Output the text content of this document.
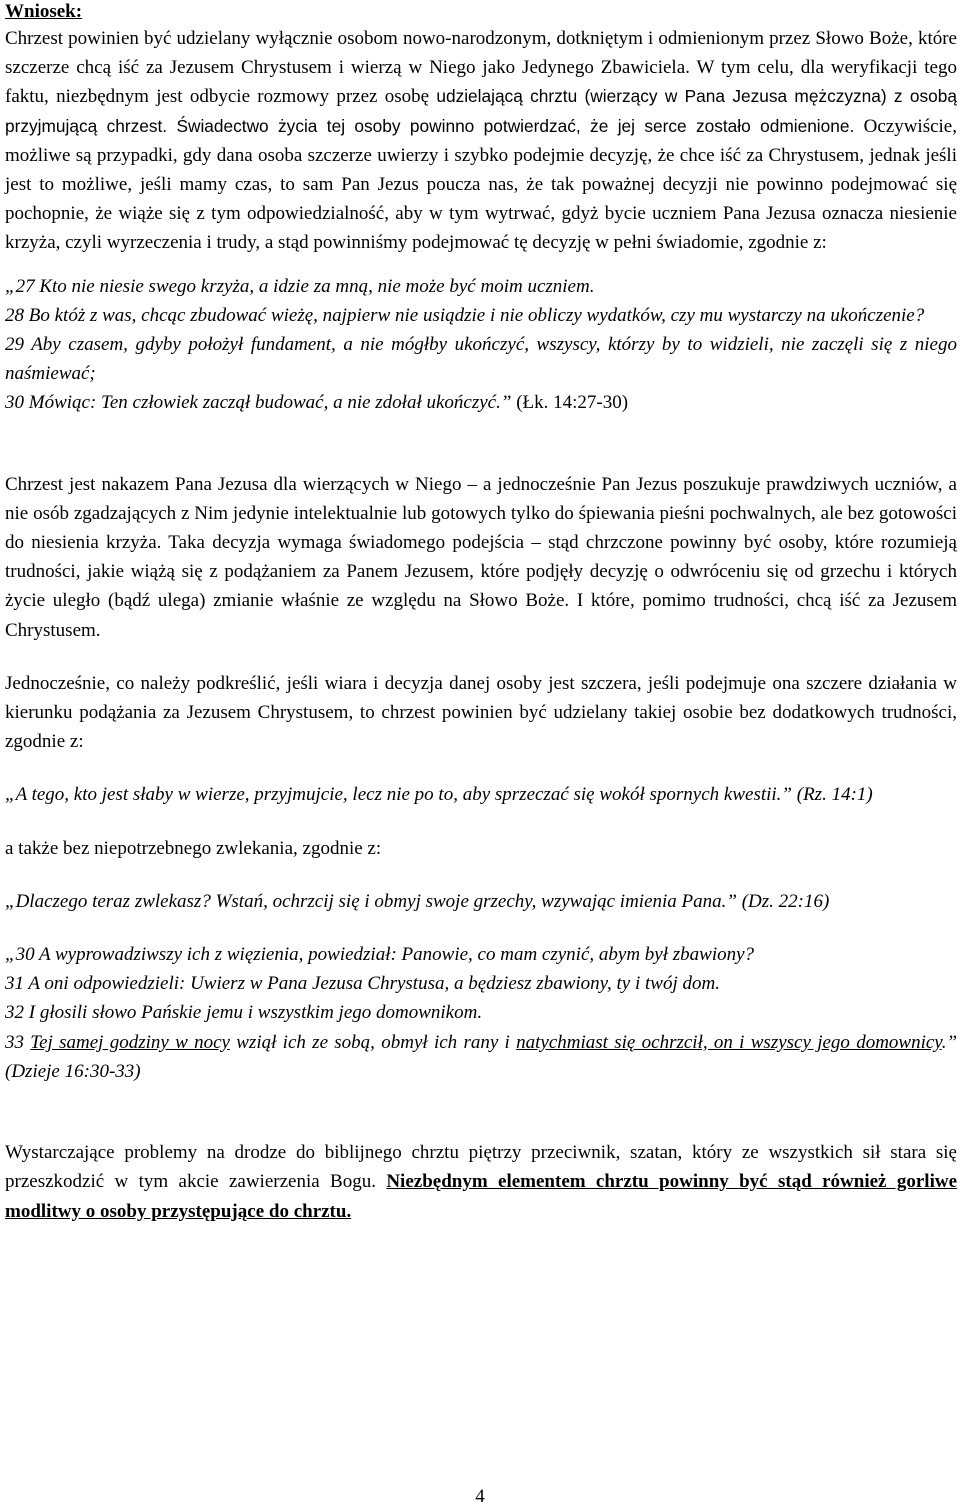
Wniosek:

Chrzest powinien być udzielany wyłącznie osobom nowo-narodzonym, dotkniętym i odmienionym przez Słowo Boże, które szczerze chcą iść za Jezusem Chrystusem i wierzą w Niego jako Jedynego Zbawiciela. W tym celu, dla weryfikacji tego faktu, niezbędnym jest odbycie rozmowy przez osobę udzielającą chrztu (wierzący w Pana Jezusa mężczyzna) z osobą przyjmującą chrzest. Świadectwo życia tej osoby powinno potwierdzać, że jej serce zostało odmienione. Oczywiście, możliwe są przypadki, gdy dana osoba szczerze uwierzy i szybko podejmie decyzję, że chce iść za Chrystusem, jednak jeśli jest to możliwe, jeśli mamy czas, to sam Pan Jezus poucza nas, że tak poważnej decyzji nie powinno podejmować się pochopnie, że wiąże się z tym odpowiedzialność, aby w tym wytrwać, gdyż bycie uczniem Pana Jezusa oznacza niesienie krzyża, czyli wyrzeczenia i trudy, a stąd powinniśmy podejmować tę decyzję w pełni świadomie, zgodnie z:

„27 Kto nie niesie swego krzyża, a idzie za mną, nie może być moim uczniem.

28 Bo któż z was, chcąc zbudować wieżę, najpierw nie usiądzie i nie obliczy wydatków, czy mu wystarczy na ukończenie?

29 Aby czasem, gdyby położył fundament, a nie mógłby ukończyć, wszyscy, którzy by to widzieli, nie zaczęli się z niego naśmiewać;

30 Mówiąc: Ten człowiek zaczął budować, a nie zdołał ukończyć.” (Łk. 14:27-30)

Chrzest jest nakazem Pana Jezusa dla wierzących w Niego – a jednocześnie Pan Jezus poszukuje prawdziwych uczniów, a nie osób zgadzających z Nim jedynie intelektualnie lub gotowych tylko do śpiewania pieśni pochwalnych, ale bez gotowości do niesienia krzyża. Taka decyzja wymaga świadomego podejścia – stąd chrzczone powinny być osoby, które rozumieją trudności, jakie wiążą się z podążaniem za Panem Jezusem, które podjęły decyzję o odwróceniu się od grzechu i których życie uległo (bądź ulega) zmianie właśnie ze względu na Słowo Boże. I które, pomimo trudności, chcą iść za Jezusem Chrystusem.

Jednocześnie, co należy podkreślić, jeśli wiara i decyzja danej osoby jest szczera, jeśli podejmuje ona szczere działania w kierunku podążania za Jezusem Chrystusem, to chrzest powinien być udzielany takiej osobie bez dodatkowych trudności, zgodnie z:

„A tego, kto jest słaby w wierze, przyjmujcie, lecz nie po to, aby sprzeczać się wokół spornych kwestii.” (Rz. 14:1)

a także bez niepotrzebnego zwlekania, zgodnie z:

„Dlaczego teraz zwlekasz? Wstań, ochrzcij się i obmyj swoje grzechy, wzywając imienia Pana.” (Dz. 22:16)

„30 A wyprowadziwszy ich z więzienia, powiedział: Panowie, co mam czynić, abym był zbawiony?
31 A oni odpowiedzieli: Uwierz w Pana Jezusa Chrystusa, a będziesz zbawiony, ty i twój dom.
32 I głosili słowo Pańskie jemu i wszystkim jego domownikom.

33 Tej samej godziny w nocy wziął ich ze sobą, obmył ich rany i natychmiast się ochrzcił, on i wszyscy jego domownicy.” (Dzieje 16:30-33)

Wystarczające problemy na drodze do biblijnego chrztu piętrzy przeciwnik, szatan, który ze wszystkich sił stara się przeszkodzić w tym akcie zawierzenia Bogu. Niezbędnym elementem chrztu powinny być stąd również gorliwe modlitwy o osoby przystępujące do chrztu.

4
